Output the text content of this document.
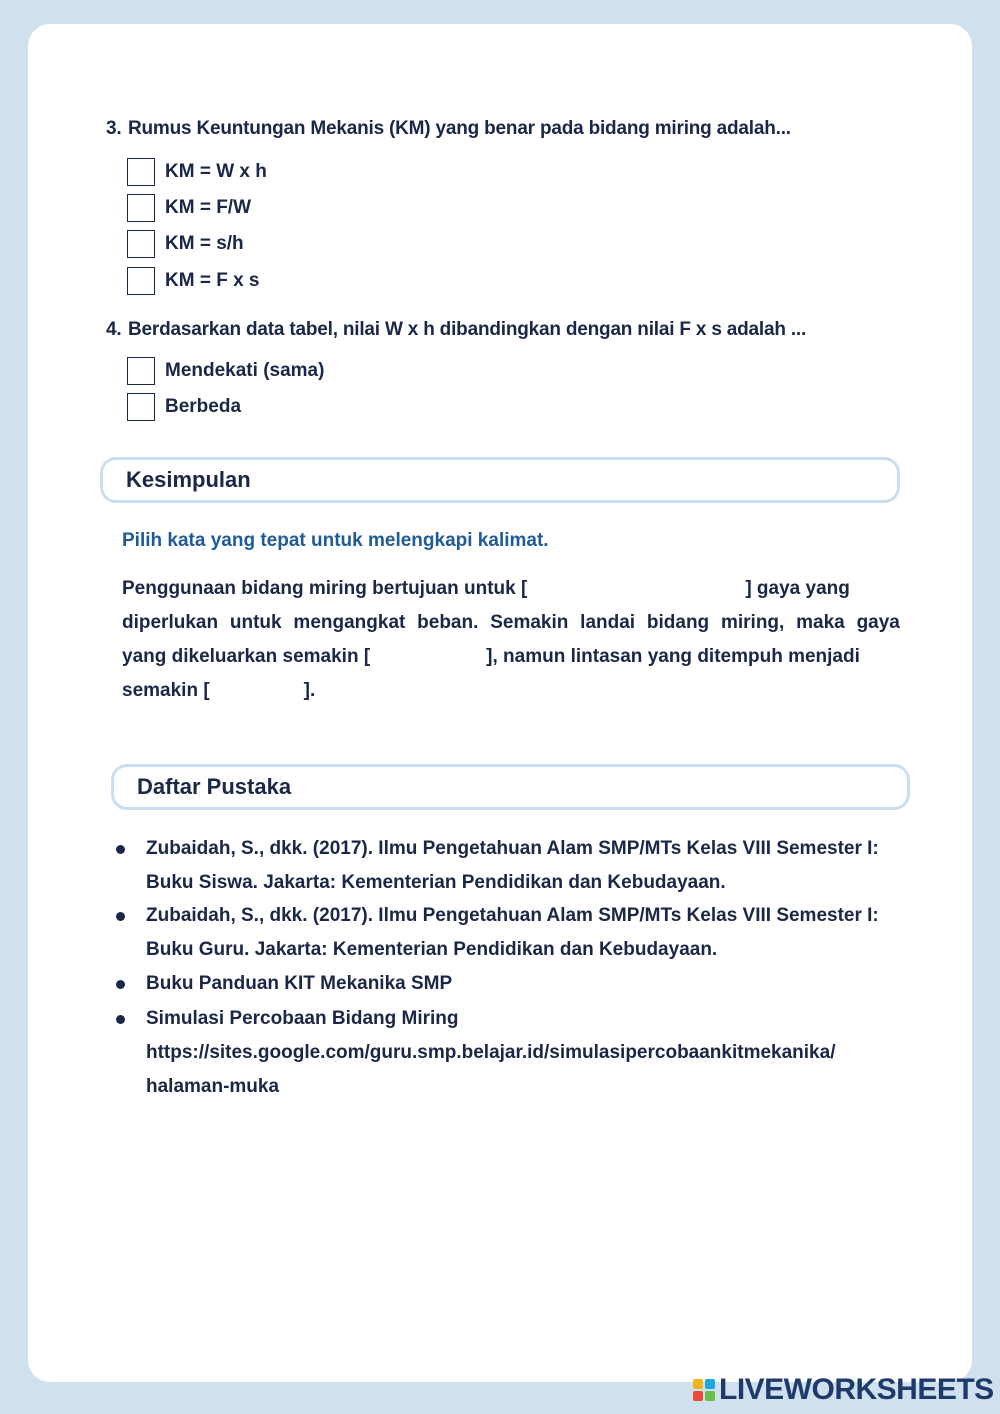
3. Rumus Keuntungan Mekanis (KM) yang benar pada bidang miring adalah...
KM = W x h
KM = F/W
KM = s/h
KM = F x s
4. Berdasarkan data tabel, nilai W x h dibandingkan dengan nilai F x s adalah ...
Mendekati (sama)
Berbeda
Kesimpulan
Pilih kata yang tepat untuk melengkapi kalimat.
Penggunaan bidang miring bertujuan untuk [	] gaya yang
diperlukan untuk mengangkat beban. Semakin landai bidang miring, maka gaya
yang dikeluarkan semakin [	], namun lintasan yang ditempuh menjadi
semakin [	].
Daftar Pustaka
Zubaidah, S., dkk. (2017). Ilmu Pengetahuan Alam SMP/MTs Kelas VIII Semester I:
Buku Siswa. Jakarta: Kementerian Pendidikan dan Kebudayaan.
Zubaidah, S., dkk. (2017). Ilmu Pengetahuan Alam SMP/MTs Kelas VIII Semester I:
Buku Guru. Jakarta: Kementerian Pendidikan dan Kebudayaan.
Buku Panduan KIT Mekanika SMP
Simulasi Percobaan Bidang Miring
https://sites.google.com/guru.smp.belajar.id/simulasipercobaankitmekanika/
halaman-muka
LIVEWORKSHEETS
